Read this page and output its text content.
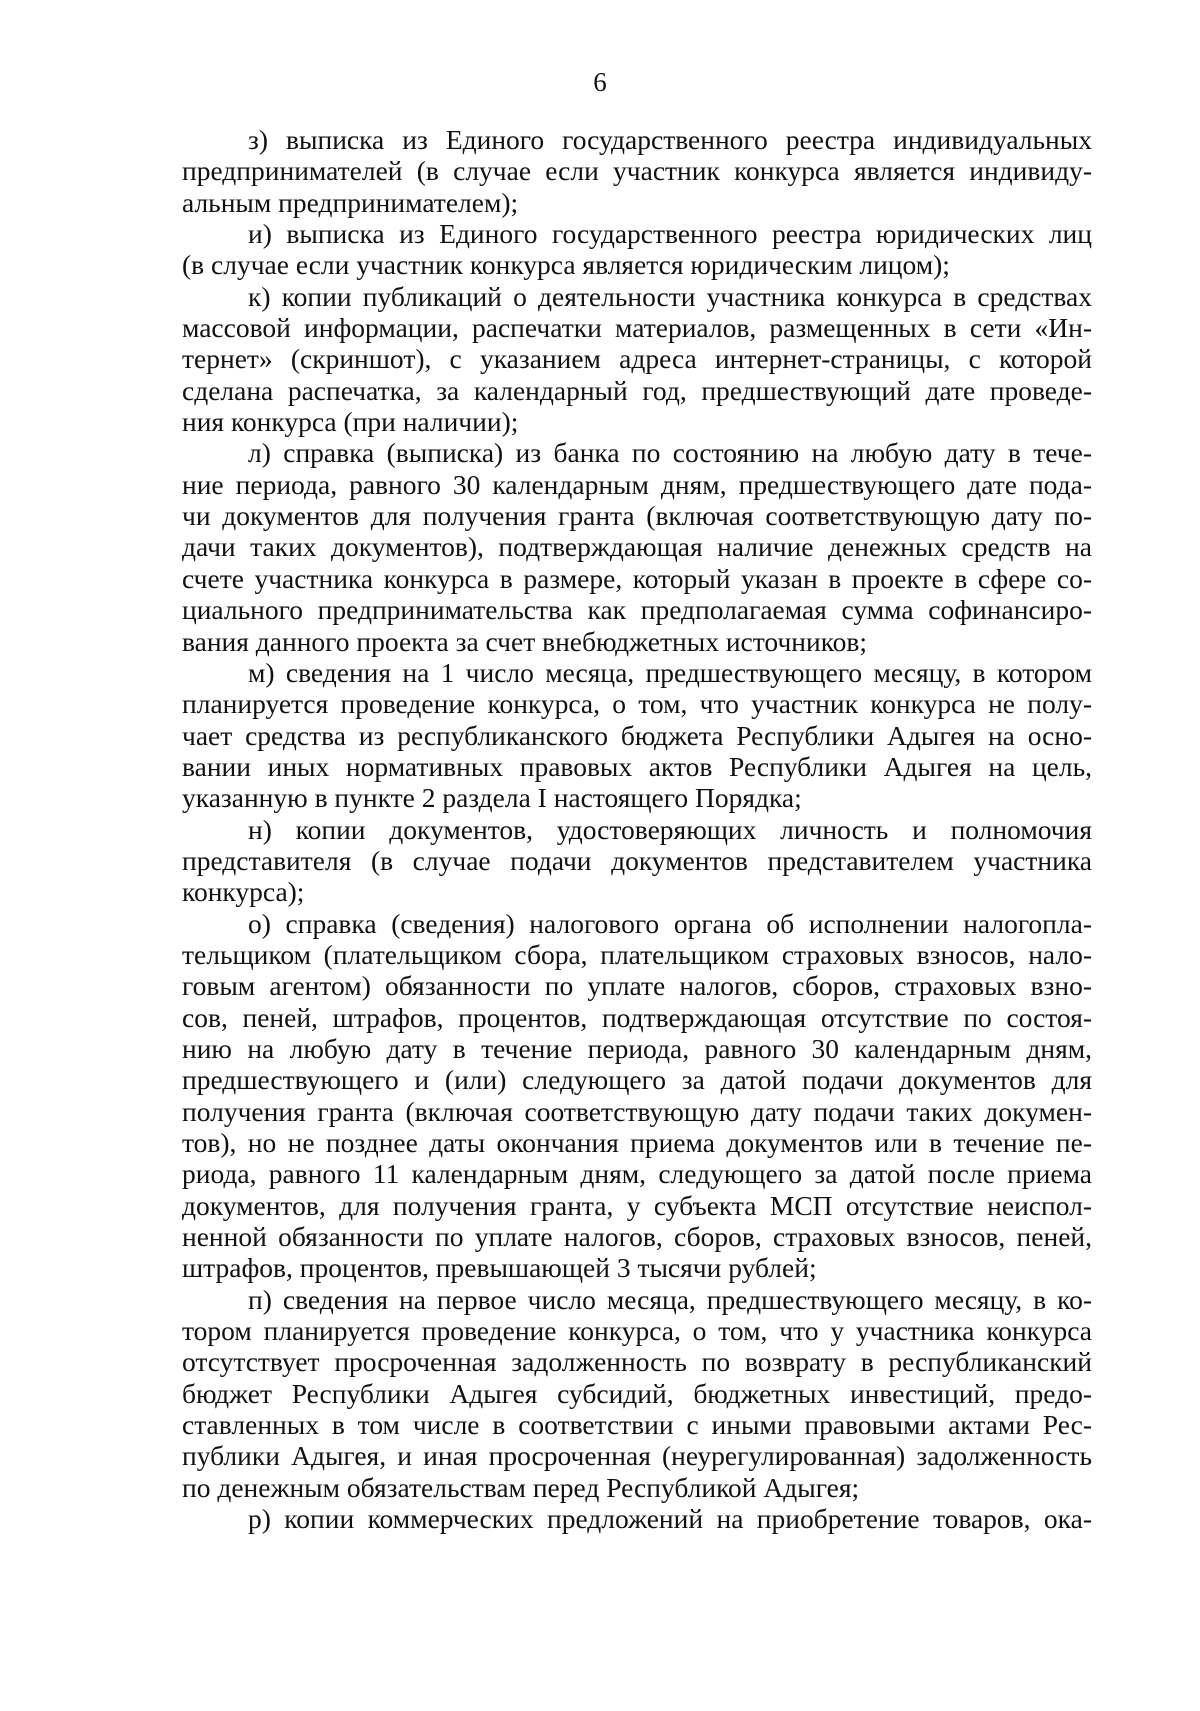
6
з) выписка из Единого государственного реестра индивидуальных
предпринимателей (в случае если участник конкурса является индивиду-
альным предпринимателем);
и) выписка из Единого государственного реестра юридических лиц
(в случае если участник конкурса является юридическим лицом);
к) копии публикаций о деятельности участника конкурса в средствах
массовой информации, распечатки материалов, размещенных в сети «Ин-
тернет» (скриншот), с указанием адреса интернет-страницы, с которой
сделана распечатка, за календарный год, предшествующий дате проведе-
ния конкурса (при наличии);
л) справка (выписка) из банка по состоянию на любую дату в тече-
ние периода, равного 30 календарным дням, предшествующего дате пода-
чи документов для получения гранта (включая соответствующую дату по-
дачи таких документов), подтверждающая наличие денежных средств на
счете участника конкурса в размере, который указан в проекте в сфере со-
циального предпринимательства как предполагаемая сумма софинансиро-
вания данного проекта за счет внебюджетных источников;
м) сведения на 1 число месяца, предшествующего месяцу, в котором
планируется проведение конкурса, о том, что участник конкурса не полу-
чает средства из республиканского бюджета Республики Адыгея на осно-
вании иных нормативных правовых актов Республики Адыгея на цель,
указанную в пункте 2 раздела I настоящего Порядка;
н) копии документов, удостоверяющих личность и полномочия
представителя (в случае подачи документов представителем участника
конкурса);
о) справка (сведения) налогового органа об исполнении налогопла-
тельщиком (плательщиком сбора, плательщиком страховых взносов, нало-
говым агентом) обязанности по уплате налогов, сборов, страховых взно-
сов, пеней, штрафов, процентов, подтверждающая отсутствие по состоя-
нию на любую дату в течение периода, равного 30 календарным дням,
предшествующего и (или) следующего за датой подачи документов для
получения гранта (включая соответствующую дату подачи таких докумен-
тов), но не позднее даты окончания приема документов или в течение пе-
риода, равного 11 календарным дням, следующего за датой после приема
документов, для получения гранта, у субъекта МСП отсутствие неиспол-
ненной обязанности по уплате налогов, сборов, страховых взносов, пеней,
штрафов, процентов, превышающей 3 тысячи рублей;
п) сведения на первое число месяца, предшествующего месяцу, в ко-
тором планируется проведение конкурса, о том, что у участника конкурса
отсутствует просроченная задолженность по возврату в республиканский
бюджет Республики Адыгея субсидий, бюджетных инвестиций, предо-
ставленных в том числе в соответствии с иными правовыми актами Рес-
публики Адыгея, и иная просроченная (неурегулированная) задолженность
по денежным обязательствам перед Республикой Адыгея;
р) копии коммерческих предложений на приобретение товаров, ока-
